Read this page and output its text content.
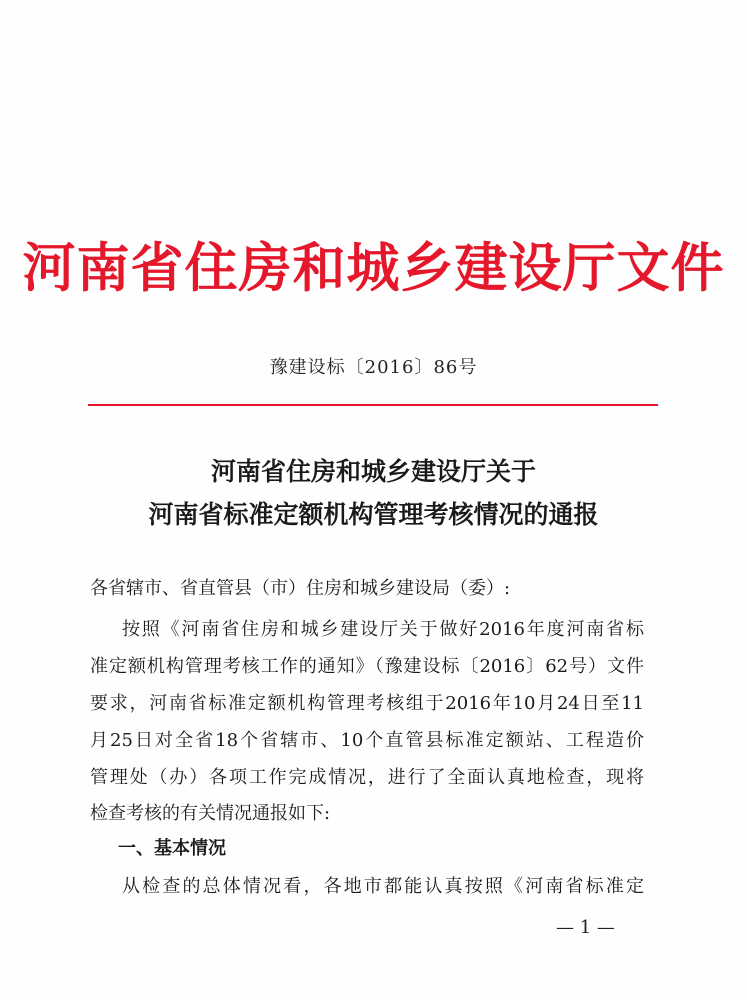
河南省住房和城乡建设厅文件
豫建设标〔2016〕86号
河南省住房和城乡建设厅关于
河南省标准定额机构管理考核情况的通报
各省辖市、省直管县（市）住房和城乡建设局（委）:
按照《河南省住房和城乡建设厅关于做好2016年度河南省标
准定额机构管理考核工作的通知》（豫建设标〔2016〕62号）文件
要求，河南省标准定额机构管理考核组于2016年10月24日至11
月25日对全省18个省辖市、10个直管县标准定额站、工程造价
管理处（办）各项工作完成情况，进行了全面认真地检查，现将
检查考核的有关情况通报如下:
一、基本情况
从检查的总体情况看，各地市都能认真按照《河南省标准定
— 1 —
